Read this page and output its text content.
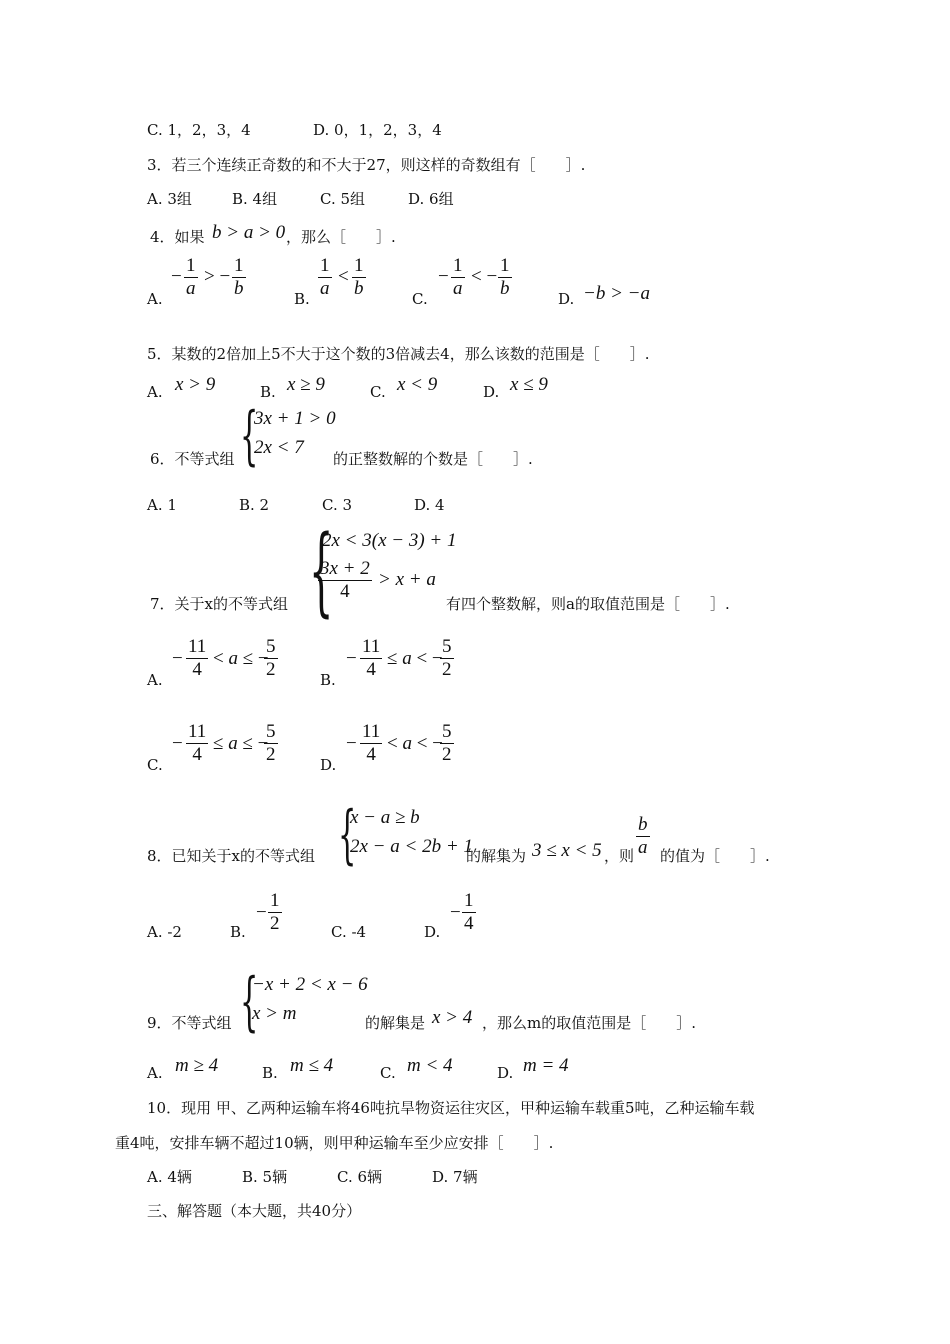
C. 1，2，3，4	D. 0，1，2，3，4
3．若三个连续正奇数的和不大于27，则这样的奇数组有［　　］.
A. 3组	B. 4组	C. 5组	D. 6组
4．如果 b > a > 0 ，那么［　　］.
A.
−
1
a
> −
1
b	B.
1
a
<
1
b	C.
−
1
a
< −
1
b	D. −b > −a
5．某数的2倍加上5不大于这个数的3倍减去4，那么该数的范围是［　　］.
A. x > 9	B. x ≥ 9	C. x < 9	D. x ≤ 9
{
3x + 1 > 0
2x < 7
6．不等式组	的正整数解的个数是［　　］.
A. 1	B. 2	C. 3	D. 4
{
2x < 3(x − 3) + 1
3x + 2
4
> x + a
7．关于x的不等式组	有四个整数解，则a的取值范围是［　　］.
A.
−
11
4
< a ≤ −
5
2	B.
−
11
4
≤ a < −
5
2
C.
−
11
4
≤ a ≤ −
5
2	D.
−
11
4
< a < −
5
2
{
x − a ≥ b
2x − a < 2b + 1
8．已知关于x的不等式组	的解集为 3 ≤ x < 5 ，则
b
a 的值为［　　］.
A. -2	B.
−
1
2	C. -4	D.
−
1
4
{
−x + 2 < x − 6
x > m
9．不等式组	的解集是 x > 4 ，那么m的取值范围是［　　］.
A. m ≥ 4	B. m ≤ 4	C. m < 4	D. m = 4
10．现用 甲、乙两种运输车将46吨抗旱物资运往灾区，甲种运输车载重5吨，乙种运输车载
重4吨，安排车辆不超过10辆，则甲种运输车至少应安排［　　］.
A. 4辆	B. 5辆	C. 6辆	D. 7辆
三、解答题（本大题，共40分）
